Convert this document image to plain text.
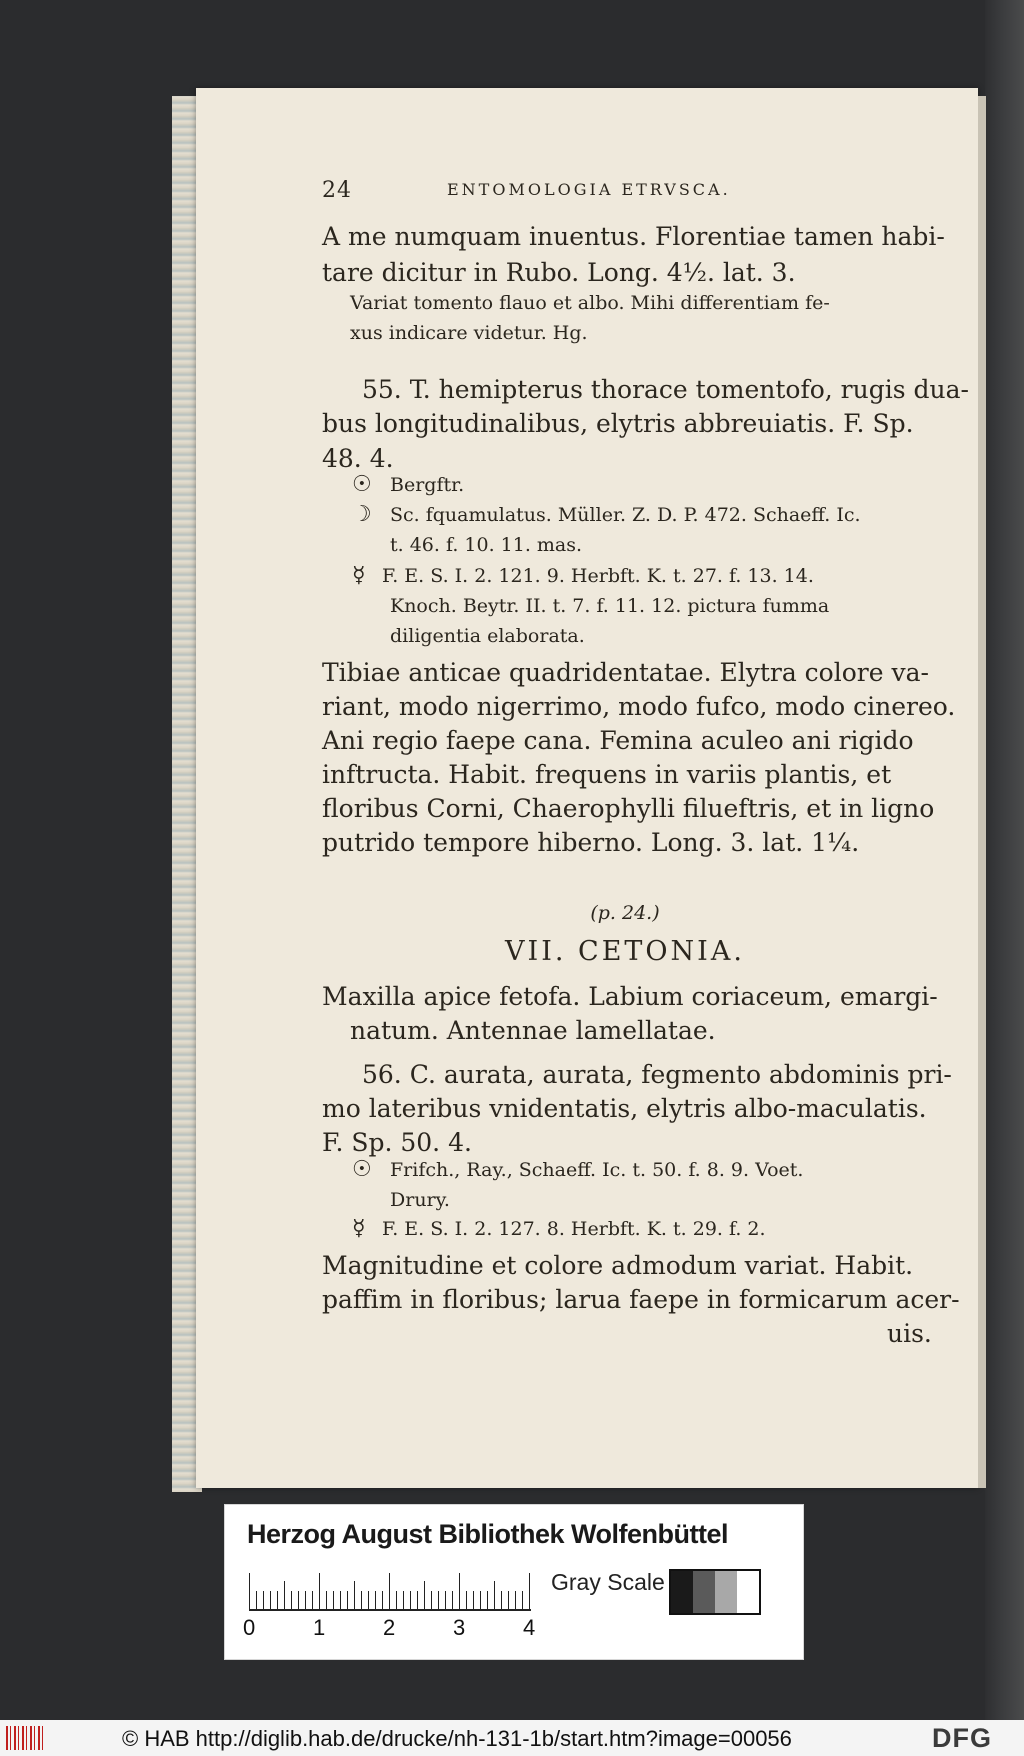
24	ENTOMOLOGIA ETRVSCA.
A me numquam inuentus. Florentiae tamen habi-
tare dicitur in Rubo. Long. 4½. lat. 3.
Variat tomento flauo et albo. Mihi differentiam fe-
xus indicare videtur. Hg.
55. T. hemipterus thorace tomentofo, rugis dua-
bus longitudinalibus, elytris abbreuiatis. F. Sp.
48. 4.
Bergftr.
Sc. fquamulatus. Müller. Z. D. P. 472. Schaeff. Ic.
t. 46. f. 10. 11. mas.
F. E. S. I. 2. 121. 9. Herbft. K. t. 27. f. 13. 14.
Knoch. Beytr. II. t. 7. f. 11. 12. pictura fumma
diligentia elaborata.
Tibiae anticae quadridentatae. Elytra colore va-
riant, modo nigerrimo, modo fufco, modo cinereo.
Ani regio faepe cana. Femina aculeo ani rigido
inftructa. Habit. frequens in variis plantis, et
floribus Corni, Chaerophylli filueftris, et in ligno
putrido tempore hiberno. Long. 3. lat. 1¼.
Maxilla apice fetofa. Labium coriaceum, emargi-
natum. Antennae lamellatae.
56. C. aurata, aurata, fegmento abdominis pri-
mo lateribus vnidentatis, elytris albo-maculatis.
F. Sp. 50. 4.
Frifch., Ray., Schaeff. Ic. t. 50. f. 8. 9. Voet.
Drury.
F. E. S. I. 2. 127. 8. Herbft. K. t. 29. f. 2.
Magnitudine et colore admodum variat. Habit.
paffim in floribus; larua faepe in formicarum acer-
uis.
☉
☽
☿
☉
☿
(p. 24.)
VII. CETONIA.
Herzog August Bibliothek Wolfenbüttel
0	1	2	3	4
Gray Scale
© HAB http://diglib.hab.de/drucke/nh-131-1b/start.htm?image=00056	DFG
